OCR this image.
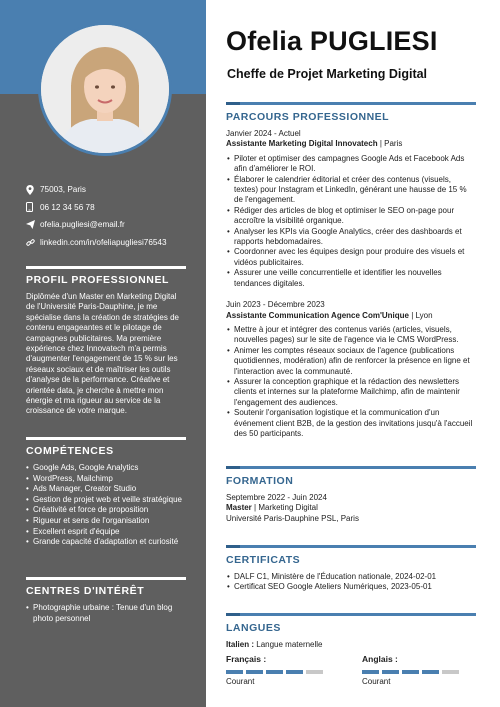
75003, Paris
06 12 34 56 78
ofelia.pugliesi@email.fr
linkedin.com/in/ofeliapugliesi76543
PROFIL PROFESSIONNEL
Diplômée d'un Master en Marketing Digital de l'Université Paris-Dauphine, je me spécialise dans la création de stratégies de contenu engageantes et le pilotage de campagnes publicitaires. Ma première expérience chez Innovatech m'a permis d'augmenter l'engagement de 15 % sur les réseaux sociaux et de maîtriser les outils d'analyse de la performance. Créative et orientée data, je cherche à mettre mon énergie et ma rigueur au service de la croissance de votre marque.
COMPÉTENCES
• Google Ads, Google Analytics
• WordPress, Mailchimp
• Ads Manager, Creator Studio
• Gestion de projet web et veille stratégique
• Créativité et force de proposition
• Rigueur et sens de l'organisation
• Excellent esprit d'équipe
• Grande capacité d'adaptation et curiosité
CENTRES D'INTÉRÊT
• Photographie urbaine : Tenue d'un blog photo personnel
Ofelia PUGLIESI
Cheffe de Projet Marketing Digital
PARCOURS PROFESSIONNEL
Janvier 2024 - Actuel
Assistante Marketing Digital Innovatech | Paris
• Piloter et optimiser des campagnes Google Ads et Facebook Ads afin d'améliorer le ROI.
• Élaborer le calendrier éditorial et créer des contenus (visuels, textes) pour Instagram et LinkedIn, générant une hausse de 15 % de l'engagement.
• Rédiger des articles de blog et optimiser le SEO on-page pour accroître la visibilité organique.
• Analyser les KPIs via Google Analytics, créer des dashboards et rapports hebdomadaires.
• Coordonner avec les équipes design pour produire des visuels et vidéos publicitaires.
• Assurer une veille concurrentielle et identifier les nouvelles tendances digitales.
Juin 2023 - Décembre 2023
Assistante Communication Agence Com'Unique | Lyon
• Mettre à jour et intégrer des contenus variés (articles, visuels, nouvelles pages) sur le site de l'agence via le CMS WordPress.
• Animer les comptes réseaux sociaux de l'agence (publications quotidiennes, modération) afin de renforcer la présence en ligne et l'interaction avec la communauté.
• Assurer la conception graphique et la rédaction des newsletters clients et internes sur la plateforme Mailchimp, afin de maintenir l'engagement des audiences.
• Soutenir l'organisation logistique et la communication d'un événement client B2B, de la gestion des invitations jusqu'à l'accueil des 50 participants.
FORMATION
Septembre 2022 - Juin 2024
Master | Marketing Digital
Université Paris-Dauphine PSL, Paris
CERTIFICATS
• DALF C1, Ministère de l'Éducation nationale, 2024-02-01
• Certificat SEO Google Ateliers Numériques, 2023-05-01
LANGUES
Italien : Langue maternelle
Français :
Courant
Anglais :
Courant
